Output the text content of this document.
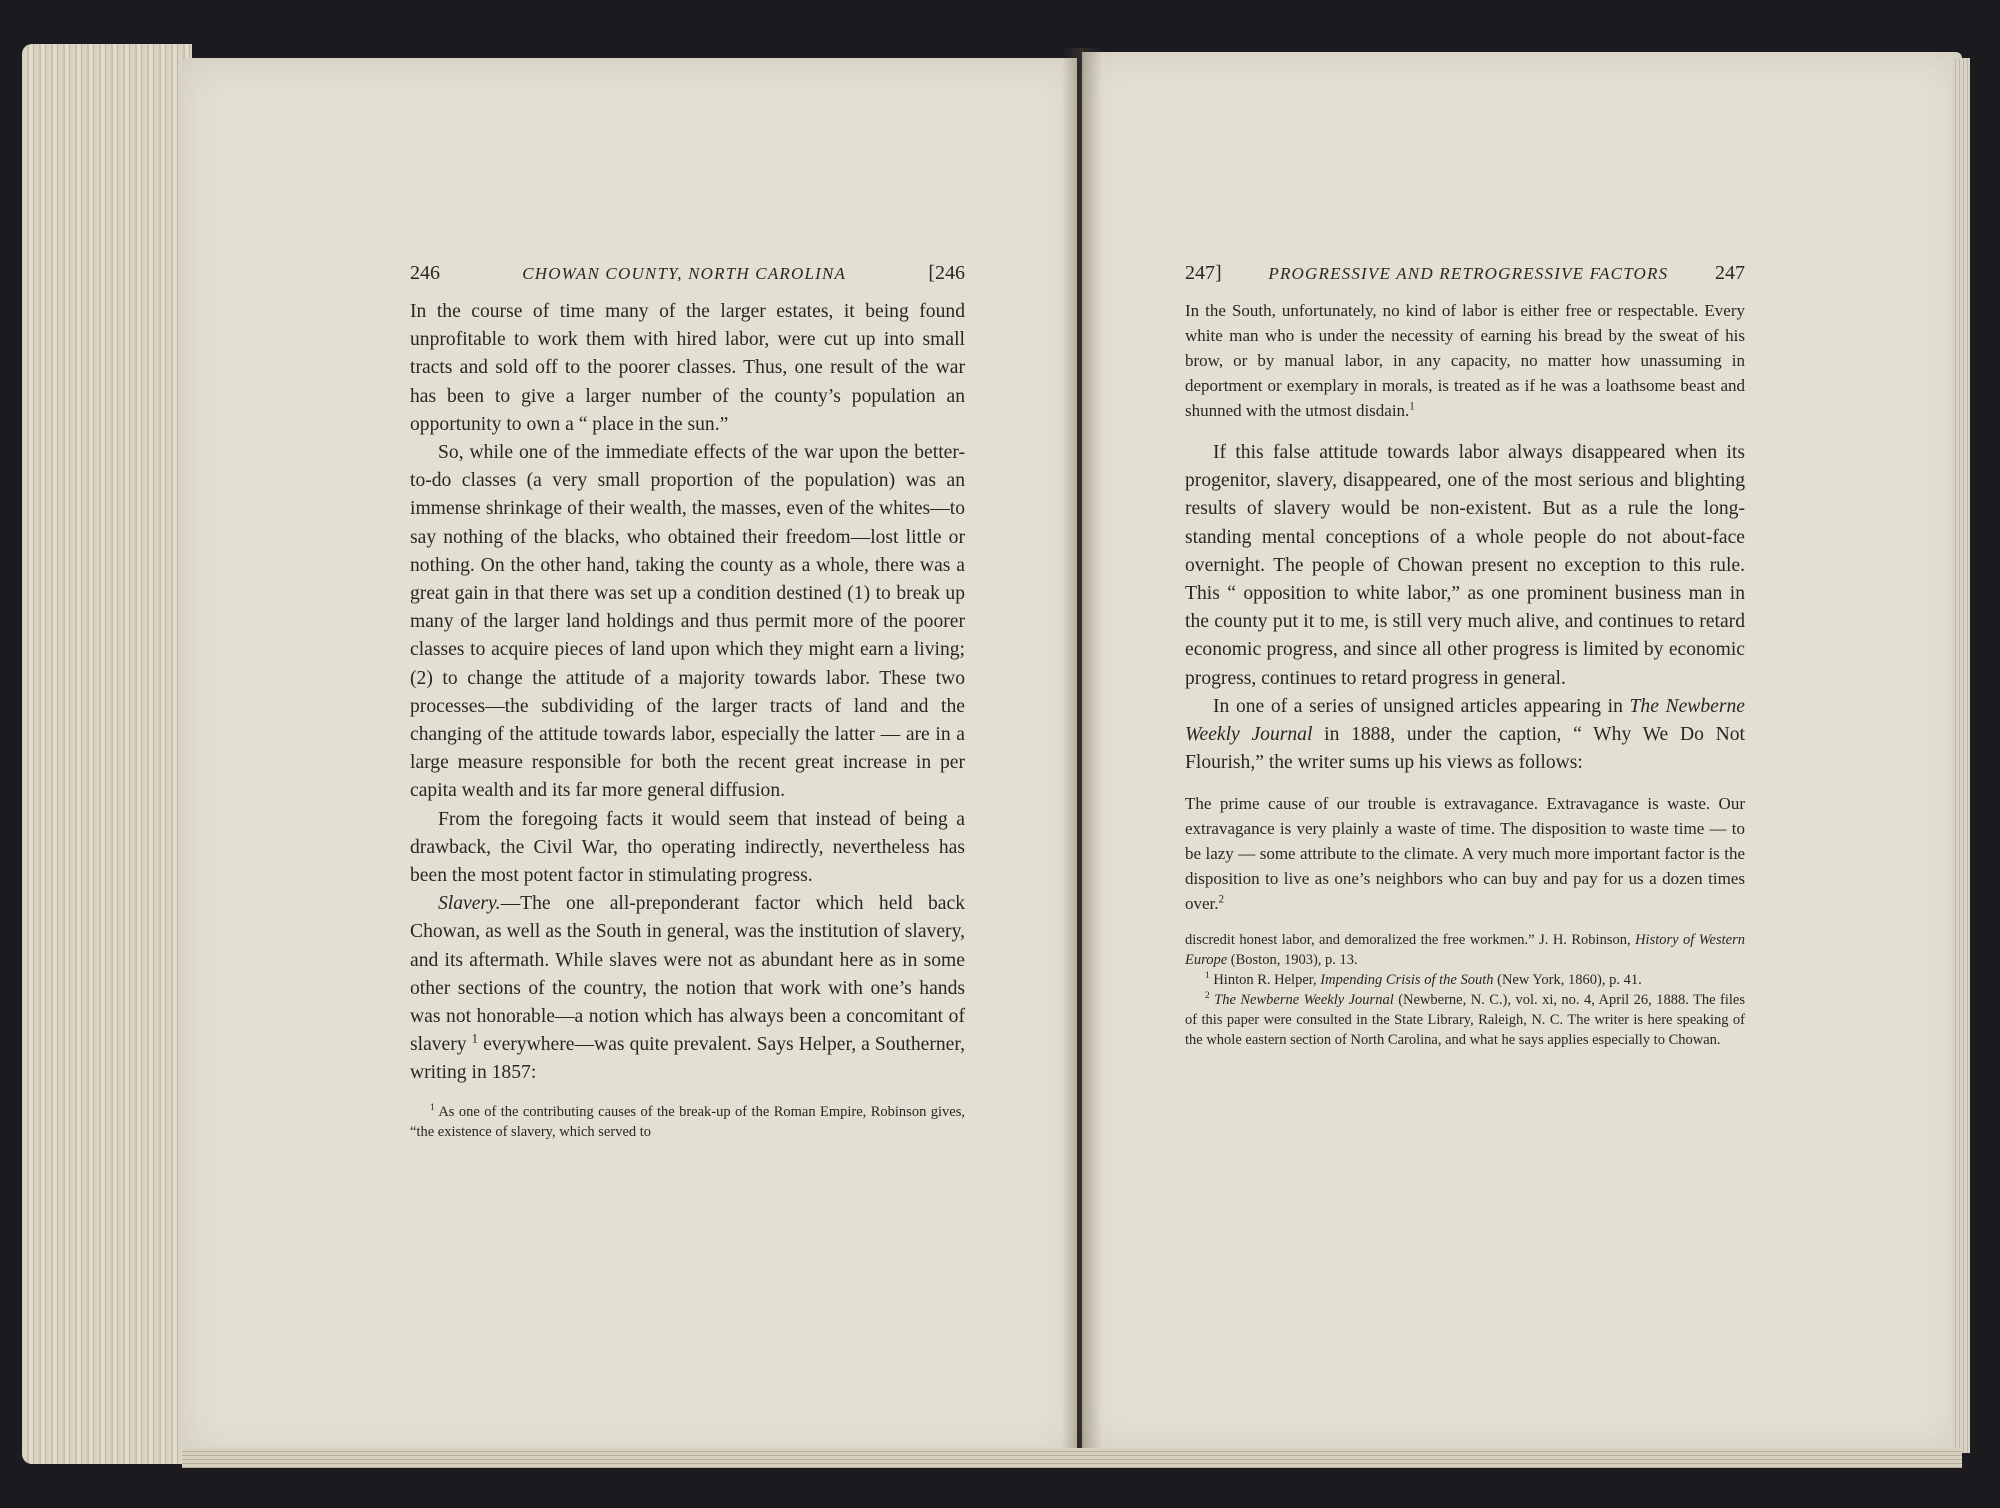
246	CHOWAN COUNTY, NORTH CAROLINA	[246

In the course of time many of the larger estates, it being found unprofitable to work them with hired labor, were cut up into small tracts and sold off to the poorer classes. Thus, one result of the war has been to give a larger number of the county’s population an opportunity to own a “ place in the sun.”

So, while one of the immediate effects of the war upon the better-to-do classes (a very small proportion of the population) was an immense shrinkage of their wealth, the masses, even of the whites—to say nothing of the blacks, who obtained their freedom—lost little or nothing. On the other hand, taking the county as a whole, there was a great gain in that there was set up a condition destined (1) to break up many of the larger land holdings and thus permit more of the poorer classes to acquire pieces of land upon which they might earn a living; (2) to change the attitude of a majority towards labor. These two processes—the subdividing of the larger tracts of land and the changing of the attitude towards labor, especially the latter — are in a large measure responsible for both the recent great increase in per capita wealth and its far more general diffusion.

From the foregoing facts it would seem that instead of being a drawback, the Civil War, tho operating indirectly, nevertheless has been the most potent factor in stimulating progress.

Slavery.—The one all-preponderant factor which held back Chowan, as well as the South in general, was the institution of slavery, and its aftermath. While slaves were not as abundant here as in some other sections of the country, the notion that work with one’s hands was not honorable—a notion which has always been a concomitant of slavery $^1$ everywhere—was quite prevalent. Says Helper, a Southerner, writing in 1857:

$^1$ As one of the contributing causes of the break-up of the Roman Empire, Robinson gives, “the existence of slavery, which served to

247]	PROGRESSIVE AND RETROGRESSIVE FACTORS 247

In the South, unfortunately, no kind of labor is either free or respectable. Every white man who is under the necessity of earning his bread by the sweat of his brow, or by manual labor, in any capacity, no matter how unassuming in deportment or exemplary in morals, is treated as if he was a loathsome beast and shunned with the utmost disdain.$^1$

If this false attitude towards labor always disappeared when its progenitor, slavery, disappeared, one of the most serious and blighting results of slavery would be non-existent. But as a rule the long-standing mental conceptions of a whole people do not about-face overnight. The people of Chowan present no exception to this rule. This “ opposition to white labor,” as one prominent business man in the county put it to me, is still very much alive, and continues to retard economic progress, and since all other progress is limited by economic progress, continues to retard progress in general.

In one of a series of unsigned articles appearing in The Newberne Weekly Journal in 1888, under the caption, “ Why We Do Not Flourish,” the writer sums up his views as follows:

The prime cause of our trouble is extravagance. Extravagance is waste. Our extravagance is very plainly a waste of time. The disposition to waste time — to be lazy — some attribute to the climate. A very much more important factor is the disposition to live as one’s neighbors who can buy and pay for us a dozen times over.$^2$

discredit honest labor, and demoralized the free workmen.” J. H. Robinson, History of Western Europe (Boston, 1903), p. 13.

$^1$ Hinton R. Helper, Impending Crisis of the South (New York, 1860), p. 41.

$^2$ The Newberne Weekly Journal (Newberne, N. C.), vol. xi, no. 4, April 26, 1888. The files of this paper were consulted in the State Library, Raleigh, N. C. The writer is here speaking of the whole eastern section of North Carolina, and what he says applies especially to Chowan.
